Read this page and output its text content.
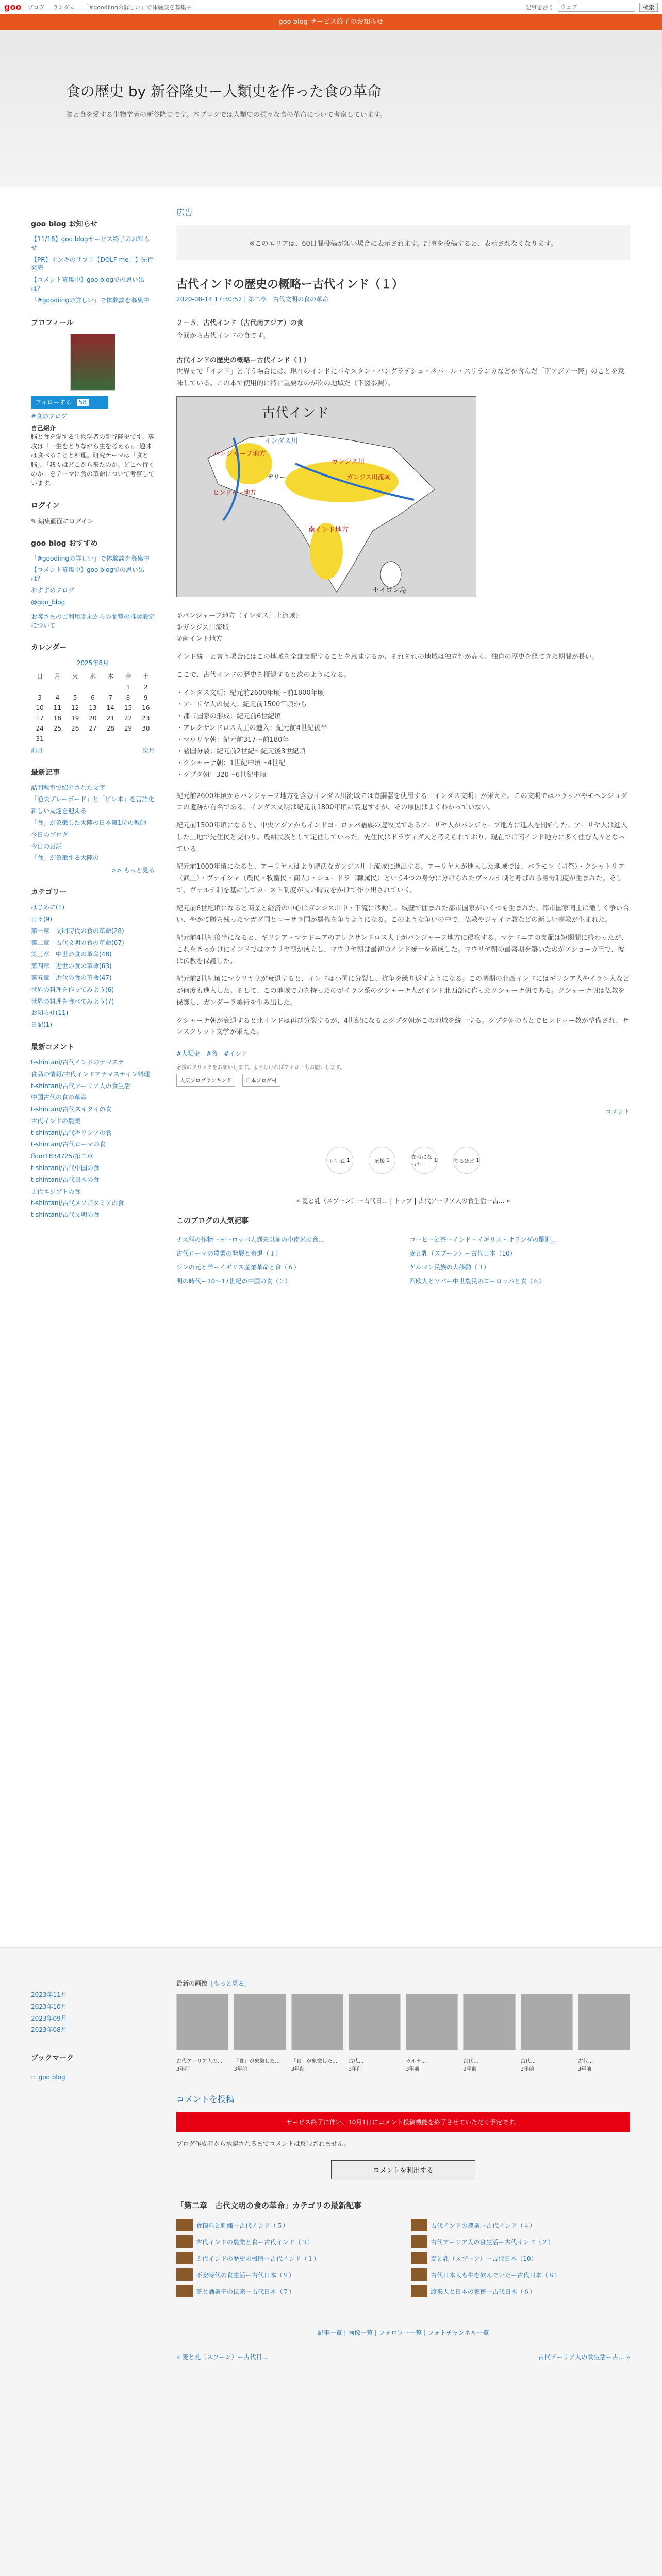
goo ブログ ランダム 「#goodiingの詳しい」で体験談を募集中	記事を書く
ウェブ	検索
goo blog サービス終了のお知らせ
食の歴史 by 新谷隆史ー人類史を作った食の革命

脳と食を愛する生物学者の新谷隆史です。本ブログでは人類史の様々な食の革命について考察しています。

goo blog お知らせ
【11/18】goo blogサービス終了のお知らせ
【PR】ナンキのサプリ【DOLF me！】先行発売
【コメント募集中】goo blogでの思い出は？
「#goodiingの詳しい」で体験談を募集中
プロフィール
フォローする 58

#食のブログ

自己紹介

脳と食を愛する生物学者の新谷隆史です。専攻は「一生をとりながら生を考える」。趣味は食べることと料理。研究テーマは「食と脳」。「我々はどこから来たのか、どこへ行くのか」をテーマに食の革命について考察しています。

ログイン

✎ 編集画面にログイン

goo blog おすすめ
「#goodiingの詳しい」で体験談を募集中
【コメント募集中】goo blogでの思い出は？
おすすめブログ
@goo_blog

お客さまのご利用端末からの閲覧の推奨設定について

カレンダー
2025年8月
日	月	火	水	木	金	土
					1	2
3	4	5	6	7	8	9
10	11	12	13	14	15	16
17	18	19	20	21	22	23
24	25	26	27	28	29	30
31						
前月	次月
最新記事
詰問教室で紹介された文字
「漁夫ブレーボード」と「ビレ本」を言語化
新しい友達を迎える
「食」が象徴した大陸の日本第1位の教師
今日のブログ
今日のお話
「食」が象徴する大陸の

>> もっと見る

カテゴリー
はじめに(1)
日々(9)
第一章　文明時代の食の革命(28)
第二章　古代文明の食の革命(67)
第三章　中世の食の革命(48)
第四章　近世の食の革命(63)
第五章　近代の食の革命(47)
世界の料理を作ってみよう(6)
世界の料理を食べてみよう(7)
お知らせ(11)
日記(1)
最新コメント
t-shintani/古代インドのナマステ
食品の情報/古代インドアナマステイン料理
t-shintani/古代アーリア人の食生活
中国古代の食の革命
t-shintani/古代スキタイの食
古代インドの農業
t-shintani/古代ギリシアの食
t-shintani/古代ローマの食
floor1834725/第二章
t-shintani/古代中国の食
t-shintani/古代日本の食
古代エジプトの食
t-shintani/古代メソポタミアの食
t-shintani/古代文明の食
広告
※このエリアは、60日間投稿が無い場合に表示されます。記事を投稿すると、表示されなくなります。
古代インドの歴史の概略ー古代インド（１）
2020-08-14 17:30:52 | 第二章　古代文明の食の革命

２－５．古代インド（古代南アジア）の食

今回から古代インドの食です。

古代インドの歴史の概略ー古代インド（１）

世界史で「インド」と言う場合には、現在のインドにパキスタン・バングラデシュ・ネパール・スリランカなどを含んだ「南アジア一帯」のことを意味している。この本で使用的に特に重要なのが次の地域だ（下図参照）。

古代インド
インダス川
パンジャーブ地方
ガンジス川
デリー
ヒンドゥー地方
ガンジス川流域
南インド地方
セイロン島

①パンジャーブ地方（インダス川上流域）
②ガンジス川流域
③南インド地方

インド統一と言う場合にはこの地域を全部支配することを意味するが、それぞれの地域は独立性が高く、独自の歴史を経てきた期間が長い。

ここで、古代インドの歴史を概観すると次のようになる。

・インダス文明：紀元前2600年頃〜前1800年頃

・アーリヤ人の侵入：紀元前1500年頃から

・都市国家の形成：紀元前6世紀頃

・アレクサンドロス大王の進入：紀元前4世紀後半

・マウリヤ朝：紀元前317〜前180年

・諸国分裂：紀元前2世紀〜紀元後3世紀頃

・クシャーナ朝：1世紀中頃〜4世紀

・グプタ朝：320〜6世紀中頃

紀元前2600年頃からパンジャーブ地方を含むインダス川流域では青銅器を使用する「インダス文明」が栄えた。この文明ではハラッパやモヘンジョダロの遺跡が有名である。インダス文明は紀元前1800年頃に衰退するが、その原因はよくわかっていない。

紀元前1500年頃になると、中央アジアからインドヨーロッパ語族の遊牧民であるアーリヤ人がパンジャーブ地方に進入を開始した。アーリヤ人は進入した土地で先住民と交わり、農耕民族として定住していった。先住民はドラヴィダ人と考えられており、現在では南インド地方に多く住む人々となっている。

紀元前1000年頃になると、アーリヤ人はより肥沃なガンジス川上流域に進出する。アーリヤ人が進入した地域では、バラモン（司祭）・クシャトリア（武士）・ヴァイシャ（農民・牧畜民・商人）・シュードラ（隷属民）という4つの身分に分けられたヴァルナ制と呼ばれる身分制度が生まれた。そして、ヴァルナ制を基にしてカースト制度が長い時間をかけて作り出されていく。

紀元前6世紀頃になると商業と経済の中心はガンジス川中・下流に移動し、城壁で囲まれた都市国家がいくつも生まれた。都市国家同士は激しく争い合い、やがて勝ち残ったマガダ国とコーサラ国が覇権を争うようになる。このような争いの中で、仏教やジャイナ教などの新しい宗教が生まれた。

紀元前4世紀後半になると、ギリシア・マケドニアのアレクサンドロス大王がパンジャーブ地方に侵攻する。マケドニアの支配は短期間に終わったが、これをきっかけにインドではマウリヤ朝が成立し、マウリヤ朝は最初のインド統一を達成した。マウリヤ朝の最盛期を築いたのがアショーカ王で、彼は仏教を保護した。

紀元前2世紀頃にマウリヤ朝が衰退すると、インドは小国に分裂し、抗争を繰り返すようになる。この時期の北西インドにはギリシア人やイラン人などが何度も進入した。そして、この地域で力を持ったのがイラン系のクシャーナ人がインド北西部に作ったクシャーナ朝である。クシャーナ朝は仏教を保護し、ガンダーラ美術を生み出した。

クシャーナ朝が衰退すると北インドは再び分裂するが、4世紀になるとグプタ朝がこの地域を統一する。グプタ朝のもとでヒンドゥー教が整備され、サンスクリット文学が栄えた。

#人類史　#食　#インド

応援のクリックをお願いします。よろしければフォローもお願いします。

人気ブログランキング	日本ブログ村

コメント

いいね
1	応援
1	参考になった

1	なるほど
1
« 麦と乳（スプーン）ー古代日... | トップ | 古代アーリア人の食生活ー古... »
このブログの人気記事
ナス科の作物ーヨーロッパ人到来以前の中南米の食...	コーヒーと茶ーインド・イギリス・オランダの躍進...
古代ローマの農業の発展と衰退（１）	麦と乳（スプーン）ー古代日本（10）
ジンの元と羊ーイギリス産業革命と食（６）	ゲルマン民族の大移動（３）
明の時代ー10〜17世紀の中国の食（３）	西欧人とソバー中世農民のヨーロッパと食（６）

2023年11月

2023年10月

2023年09月

2023年08月

ブックマーク

☞ goo blog

最新の画像［もっと見る］

古代アーリア人の...
3年前
「食」が象徴した...
3年前
「食」が象徴した...
3年前
古代...
3年前
カルテ...
3年前
古代...
3年前
古代...
3年前
古代...
3年前
コメントを投稿
サービス終了に伴い、10月1日にコメント投稿機能を終了させていただく予定です。

ブログ作成者から承認されるまでコメントは反映されません。

コメントを利用する
「第二章　古代文明の食の革命」カテゴリの最新記事
食糧料と刺繍ー古代インド（５）	古代インドの農業ー古代インド（４）
古代インドの農業と食ー古代インド（３）	古代アーリア人の食生活ー古代インド（２）
古代インドの歴史の概略ー古代インド（１）	麦と乳（スプーン）ー古代日本（10）
不安時代の食生活ー古代日本（９）	古代日本人も牛を飲んでいたー古代日本（８）
茶と酒業子の伝来ー古代日本（７）	渡来人と日本の家畜ー古代日本（６）

記事一覧 | 画像一覧 | フォロワー一覧 | フォトチャンネル一覧

« 麦と乳（スプーン）ー古代日...	古代アーリア人の食生活ー古... »
